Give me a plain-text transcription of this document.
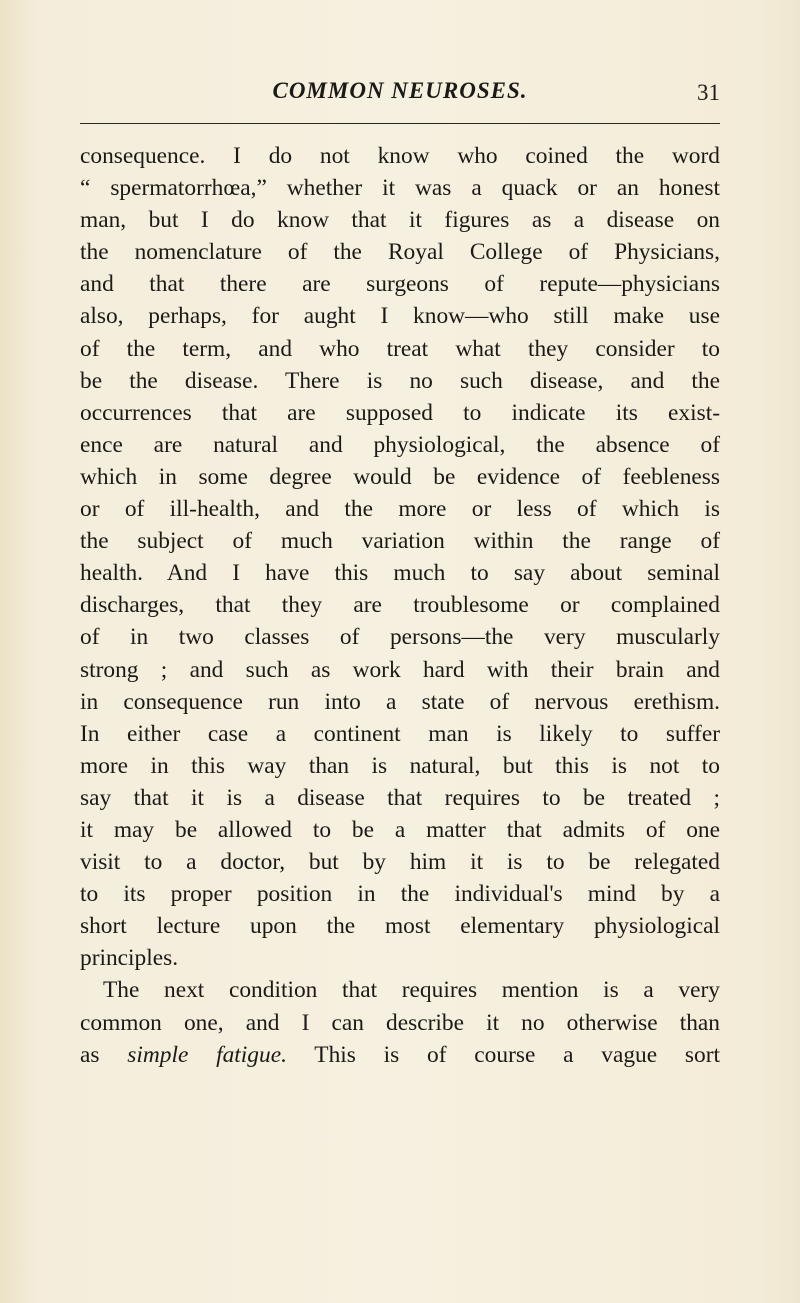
COMMON NEUROSES.	31
consequence. I do not know who coined the word
“ spermatorrhœa,” whether it was a quack or an honest
man, but I do know that it figures as a disease on
the nomenclature of the Royal College of Physicians,
and that there are surgeons of repute—physicians
also, perhaps, for aught I know—who still make use
of the term, and who treat what they consider to
be the disease. There is no such disease, and the
occurrences that are supposed to indicate its exist-
ence are natural and physiological, the absence of
which in some degree would be evidence of feebleness
or of ill-health, and the more or less of which is
the subject of much variation within the range of
health. And I have this much to say about seminal
discharges, that they are troublesome or complained
of in two classes of persons—the very muscularly
strong ; and such as work hard with their brain and
in consequence run into a state of nervous erethism.
In either case a continent man is likely to suffer
more in this way than is natural, but this is not to
say that it is a disease that requires to be treated ;
it may be allowed to be a matter that admits of one
visit to a doctor, but by him it is to be relegated
to its proper position in the individual's mind by a
short lecture upon the most elementary physiological
principles.
The next condition that requires mention is a very
common one, and I can describe it no otherwise than
as simple fatigue. This is of course a vague sort
